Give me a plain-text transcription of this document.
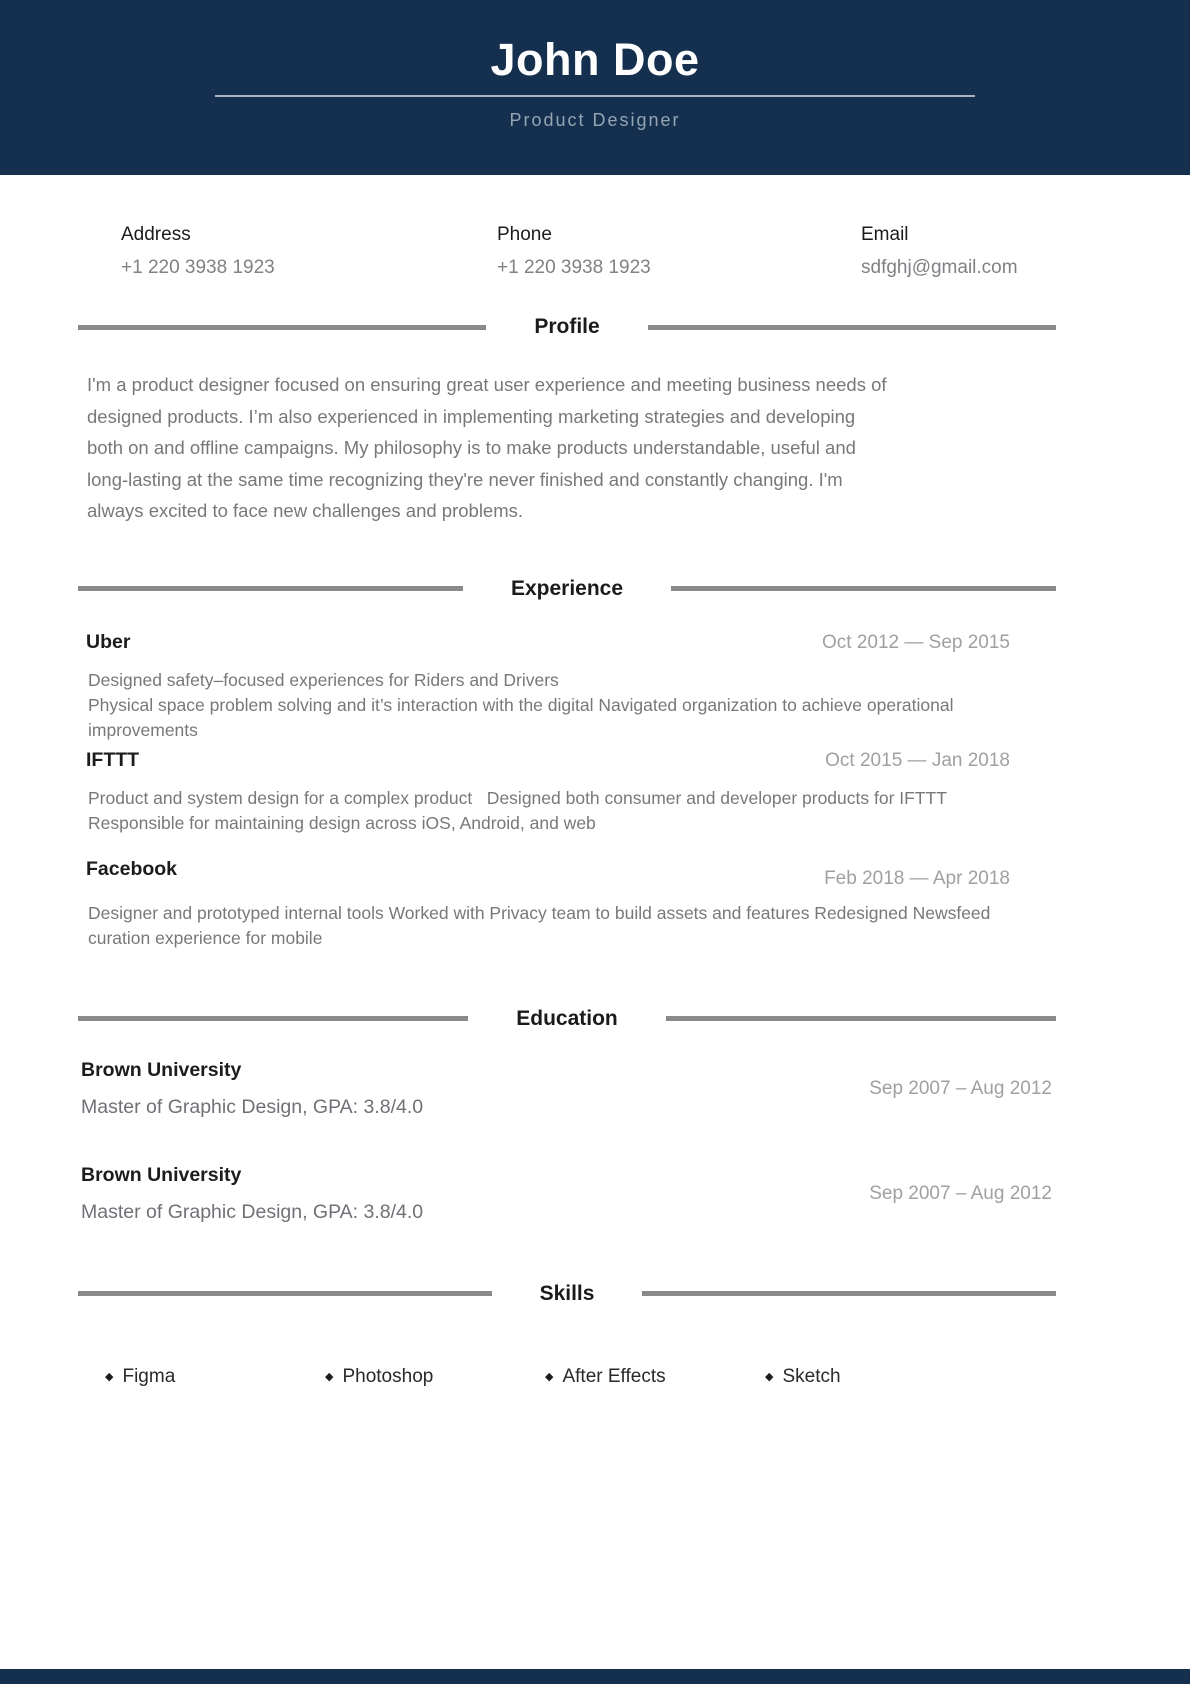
John Doe
Product Designer
Address
+1 220 3938 1923
Phone
+1 220 3938 1923
Email
sdfghj@gmail.com
Profile
I'm a product designer focused on ensuring great user experience and meeting business needs of
designed products. I’m also experienced in implementing marketing strategies and developing
both on and offline campaigns. My philosophy is to make products understandable, useful and
long-lasting at the same time recognizing they're never finished and constantly changing. I'm
always excited to face new challenges and problems.
Experience
Uber	Oct 2012 — Sep 2015
Designed safety–focused experiences for Riders and Drivers
Physical space problem solving and it’s interaction with the digital Navigated organization to achieve operational
improvements
IFTTT	Oct 2015 — Jan 2018
Product and system design for a complex product   Designed both consumer and developer products for IFTTT
Responsible for maintaining design across iOS, Android, and web
Facebook	Feb 2018 — Apr 2018
Designer and prototyped internal tools Worked with Privacy team to build assets and features Redesigned Newsfeed
curation experience for mobile
Education
Brown University
Master of Graphic Design, GPA: 3.8/4.0
Sep 2007 – Aug 2012
Brown University
Master of Graphic Design, GPA: 3.8/4.0
Sep 2007 – Aug 2012
Skills
◆ Figma	◆ Photoshop	◆ After Effects	◆ Sketch
